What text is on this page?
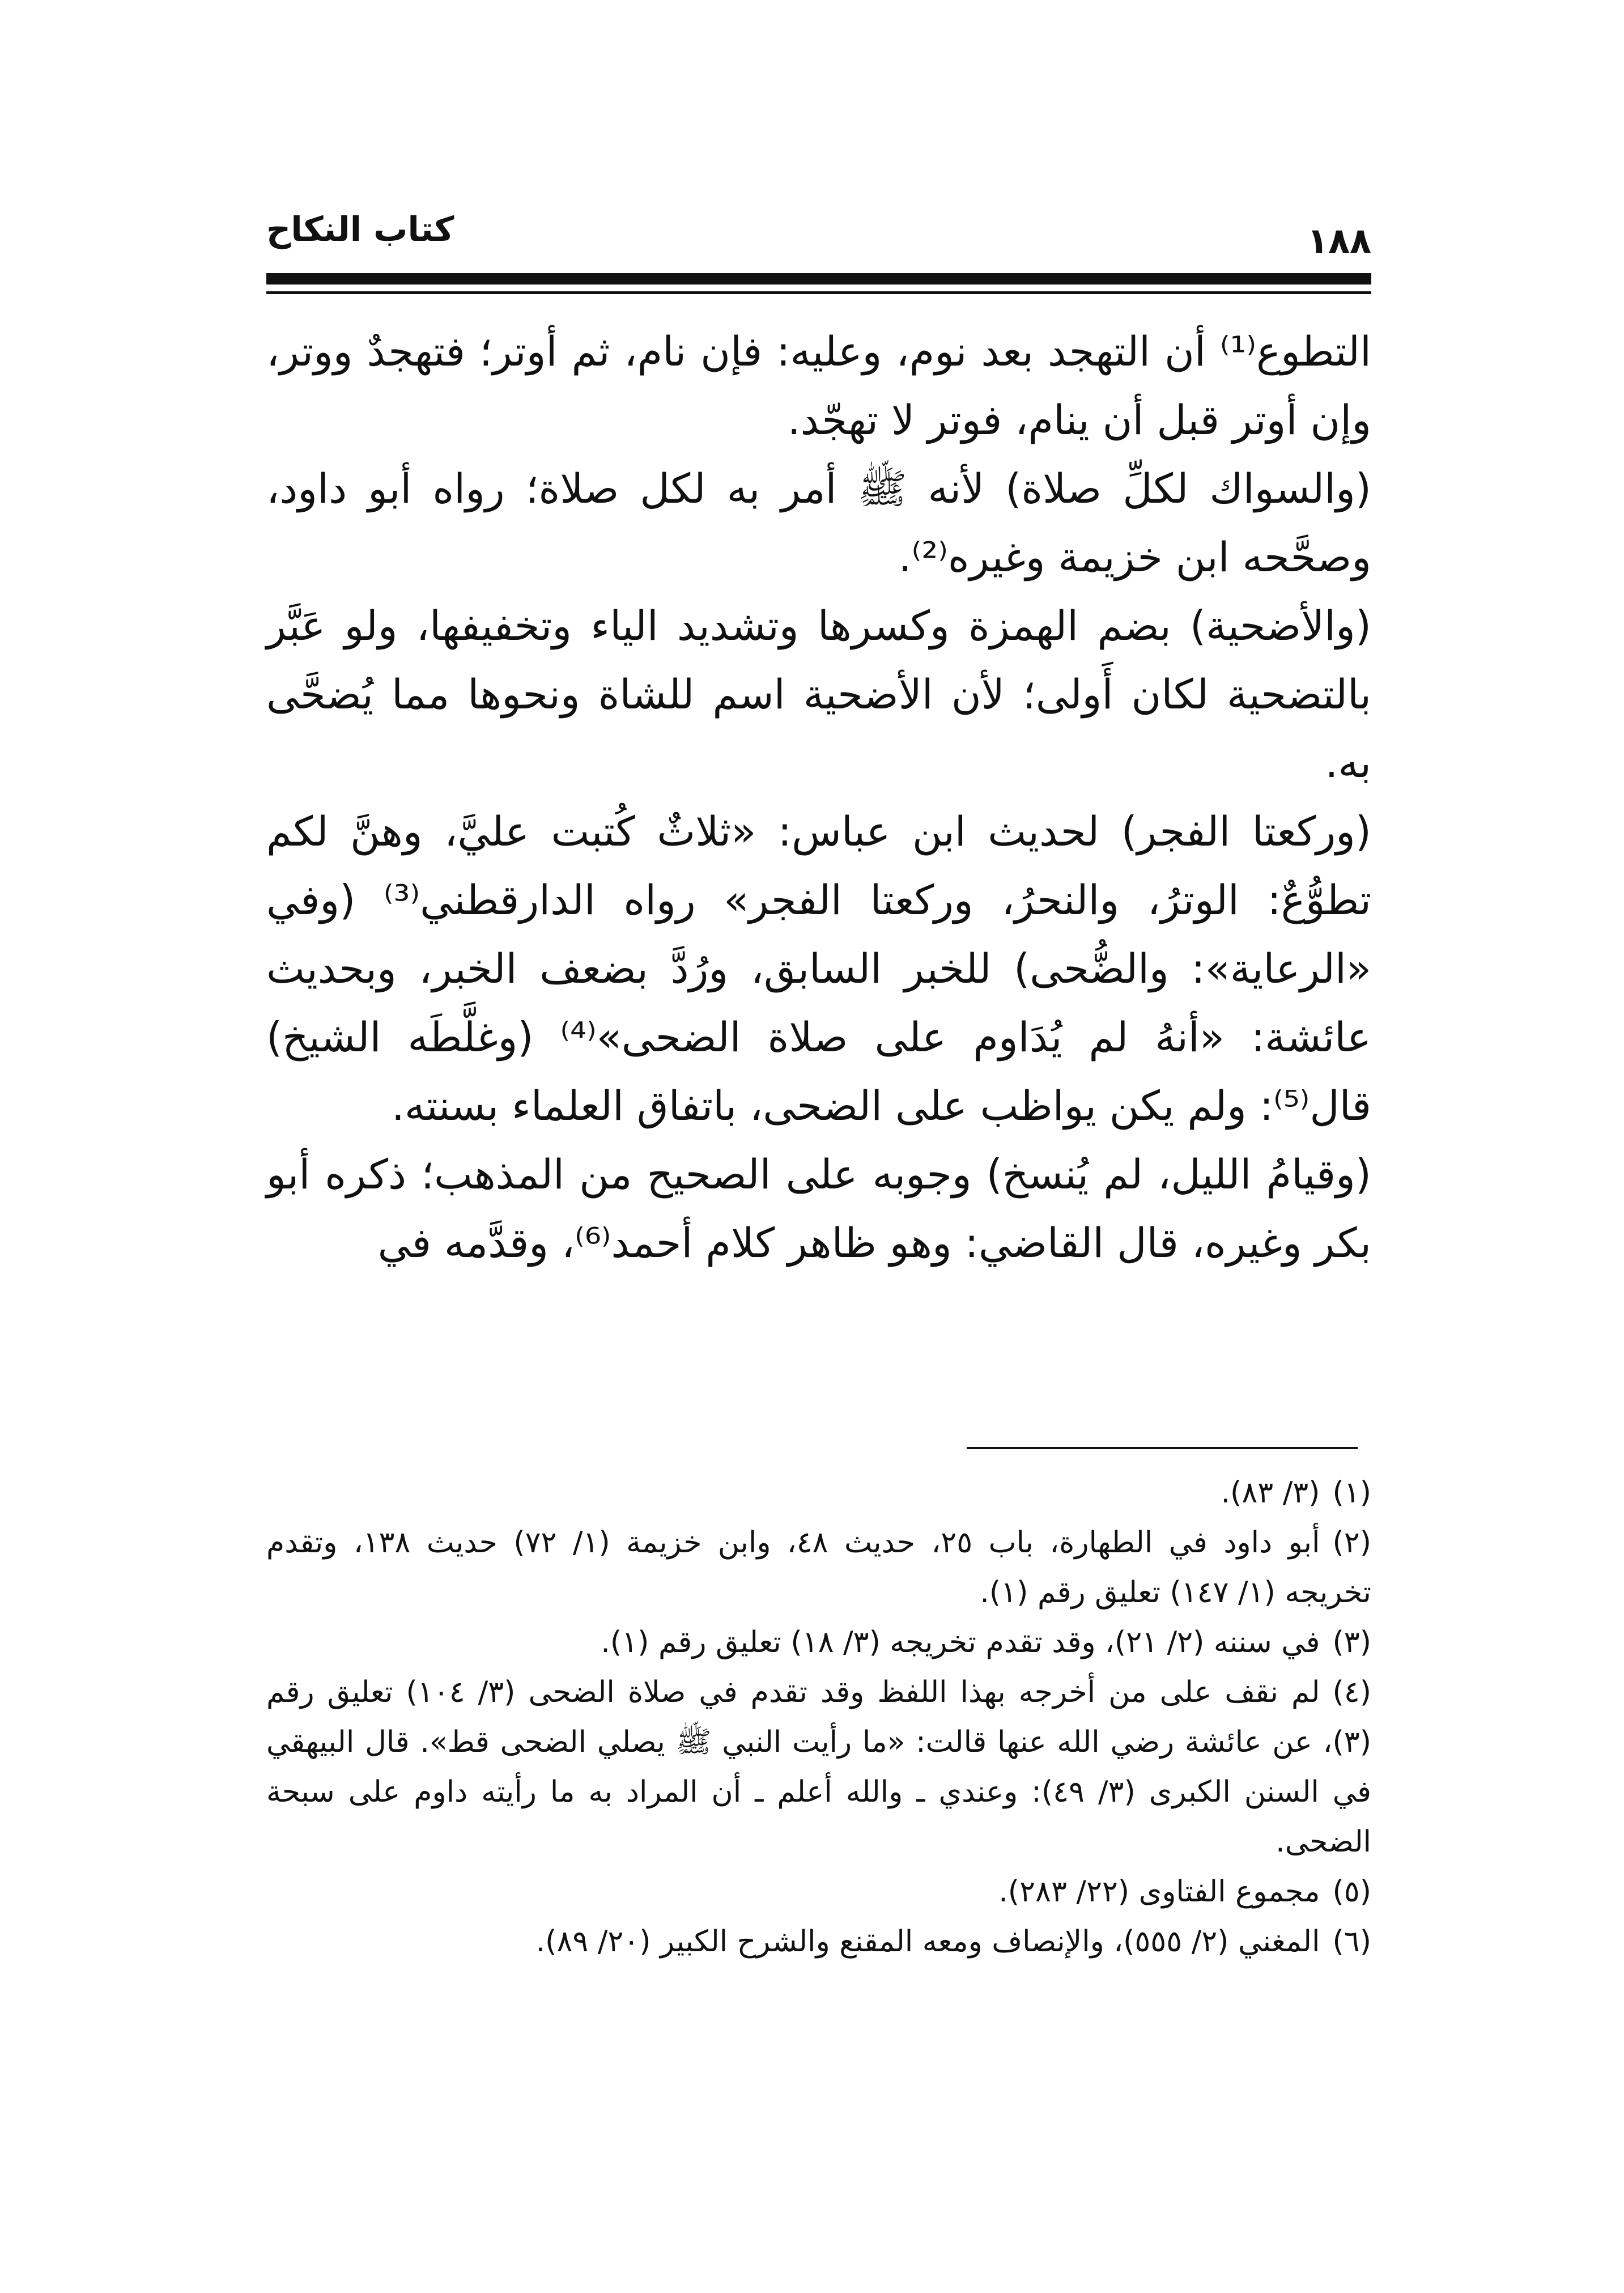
كتاب النكاح	١٨٨

التطوع⁽¹⁾ أن التهجد بعد نوم، وعليه: فإن نام، ثم أوتر؛ فتهجدٌ ووتر، وإن أوتر قبل أن ينام، فوتر لا تهجّد.

(والسواك لكلِّ صلاة) لأنه ﷺ أمر به لكل صلاة؛ رواه أبو داود، وصحَّحه ابن خزيمة وغيره⁽²⁾.

(والأضحية) بضم الهمزة وكسرها وتشديد الياء وتخفيفها، ولو عَبَّر بالتضحية لكان أَولى؛ لأن الأضحية اسم للشاة ونحوها مما يُضحَّى به.

(وركعتا الفجر) لحديث ابن عباس: «ثلاثٌ كُتبت عليَّ، وهنَّ لكم تطوُّعٌ: الوترُ، والنحرُ، وركعتا الفجر» رواه الدارقطني⁽³⁾ (وفي «الرعاية»: والضُّحى) للخبر السابق، ورُدَّ بضعف الخبر، وبحديث عائشة: «أنهُ لم يُدَاوم على صلاة الضحى»⁽⁴⁾ (وغلَّطَه الشيخ) قال⁽⁵⁾: ولم يكن يواظب على الضحى، باتفاق العلماء بسنته.

(وقيامُ الليل، لم يُنسخ) وجوبه على الصحيح من المذهب؛ ذكره أبو بكر وغيره، قال القاضي: وهو ظاهر كلام أحمد⁽⁶⁾، وقدَّمه في

(١)(٣/ ٨٣).

(٢)أبو داود في الطهارة، باب ٢٥، حديث ٤٨، وابن خزيمة (١/ ٧٢) حديث ١٣٨، وتقدم تخريجه (١/ ١٤٧) تعليق رقم (١).

(٣)في سننه (٢/ ٢١)، وقد تقدم تخريجه (٣/ ١٨) تعليق رقم (١).

(٤)لم نقف على من أخرجه بهذا اللفظ وقد تقدم في صلاة الضحى (٣/ ١٠٤) تعليق رقم (٣)، عن عائشة رضي الله عنها قالت: «ما رأيت النبي ﷺ يصلي الضحى قط». قال البيهقي في السنن الكبرى (٣/ ٤٩): وعندي ـ والله أعلم ـ أن المراد به ما رأيته داوم على سبحة الضحى.

(٥)مجموع الفتاوى (٢٢/ ٢٨٣).

(٦)المغني (٢/ ٥٥٥)، والإنصاف ومعه المقنع والشرح الكبير (٢٠/ ٨٩).
